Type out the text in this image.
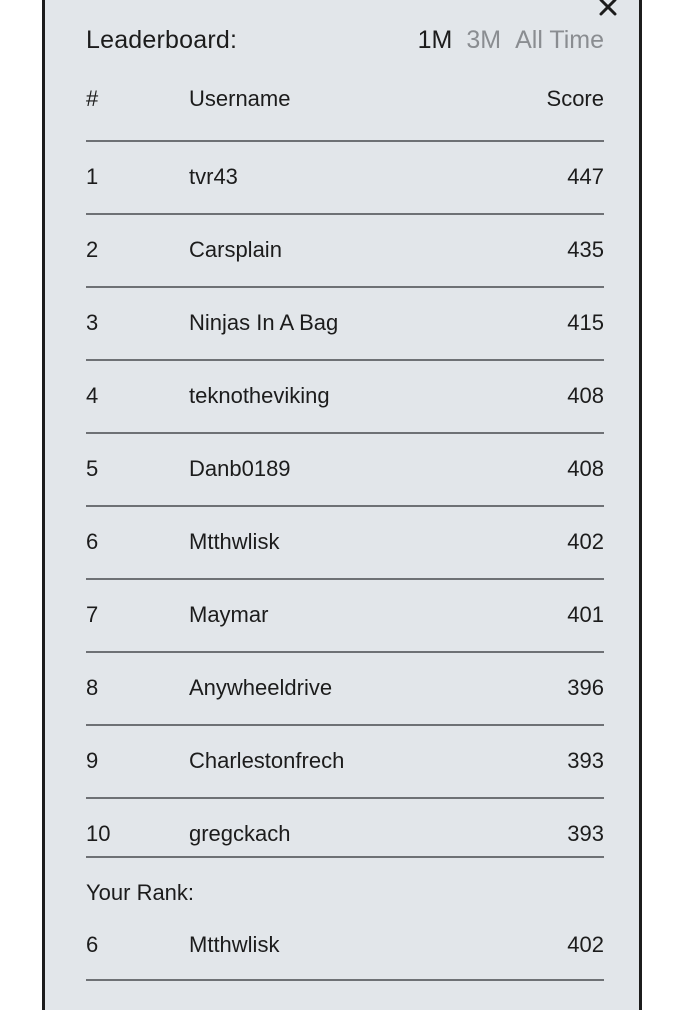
Leaderboard:	1M 3M All Time
#	Username	Score
1	tvr43	447
2	Carsplain	435
3	Ninjas In A Bag	415
4	teknotheviking	408
5	Danb0189	408
6	Mtthwlisk	402
7	Maymar	401
8	Anywheeldrive	396
9	Charlestonfrech	393
10	gregckach	393
Your Rank:
6	Mtthwlisk	402
